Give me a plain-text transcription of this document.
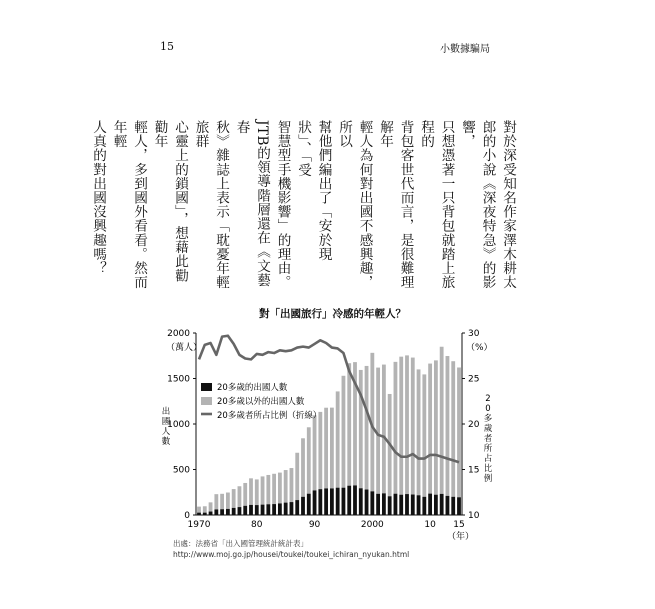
15	小數據騙局

對於深受知名作家澤木耕太

郎的小說《深夜特急》的影響，

只想憑著一只背包就踏上旅程的

背包客世代而言，是很難理解年

輕人為何對出國不感興趣，所以

幫他們編出了「安於現狀」、「受

智慧型手機影響」的理由。

JTB的領導階層還在《文藝春

秋》雜誌上表示「耽憂年輕旅群

心靈上的鎖國」，想藉此勸勸年

輕人，多到國外看看。然而年輕

人真的對出國沒興趣嗎？

對「出國旅行」冷感的年輕人？
0
500
1000
1500
2000
10
15
20
25
30
1970	80	90	2000	10 15
（年）
（萬人）	（%）
出
國
人
數
2
0
多
歲
者
所
占
比
例
20多歲的出國人數
20多歲以外的出國人數
20多歲者所占比例（折線）
出處：法務省「出入國管理統計統計表」
http://www.moj.go.jp/housei/toukei/toukei_ichiran_nyukan.html
